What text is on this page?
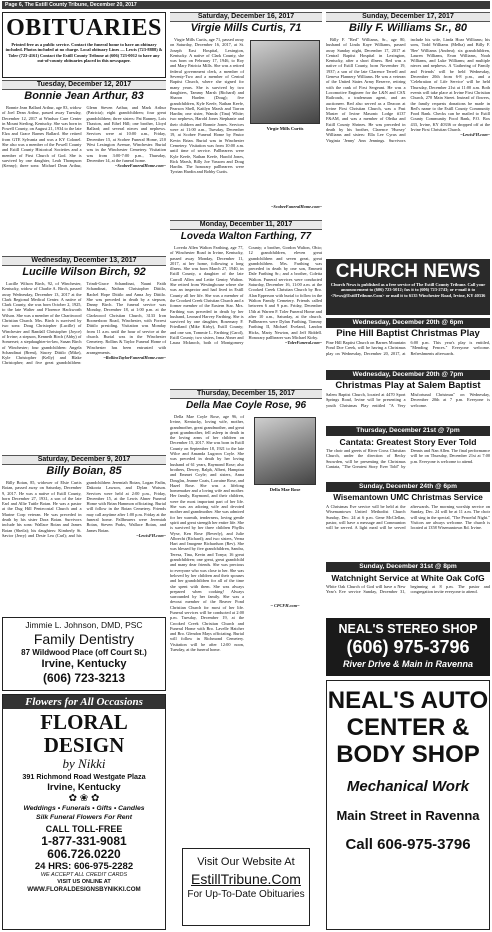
Page 6, The Estill County Tribune, December 20, 2017
OBITUARIES
Printed free as a public service. Contact the funeral home to have an obituary included. Photos included at no charge. Local obituary Lines — Lewis (723-8888) & Toler (723-4161) Contact the Estill County Tribune at (606) 723-0012 to have any out-of-county obituaries placed in this newspaper.
Tuesday, December 12, 2017
Bonnie Jean Arthur, 83

Bonnie Jean Ballard Arthur, age 83, widow of Joel Dean Arthur, passed away Tuesday, December 12, 2017 at Windsor Care Center in Mount Sterling, Kentucky. She was born in Powell County, on August 21, 1934 to the late Elza and Grace Barnes Ballard. She retired from GTE Sylvania and was a KY Colonel. She also was a member of the Powell County and Estill County Historical Societies and a member of First Church of God. She is survived by one daughter, Leah Thompson (Kenny); three sons: Michael Dean Arthur, Glenn Steven Arthur, and Mark Arthur (Patricia); eight grandchildren; four great grandchildren; three sisters: Pat Ranney, Lois Thaxton, and Ethel Hill; one brother, Lloyd Ballard; and several nieces and nephews. Services were at 10:00 a.m., Friday, December 15, at Scobee Funeral Home, 210 West Lexington Avenue, Winchester. Burial was in the Winchester Cemetery. Visitation was from 3:00-7:00 p.m., Thursday, December 14, at the funeral home.

~ScobeeFuneralHome.com~

Wednesday, December 13, 2017
Lucille Wilson Birch, 92

Lucille Wilson Birch, 92, of Winchester, Kentucky, widow of Charlie A. Birch, passed away Wednesday, December 13, 2017 at the Clark Regional Medical Center. A native of Clark County, she was born October 2, 1925, to the late Walter and Florence Hackworth Wilson. She was a member of the Charitwood Christian Church. Mrs. Birch is survived by two sons: Doug Christopher (Lucille) of Winchester and Randall Christopher (Joyce) of Irvine; a stepson, Kenneth Birch (Abby) of Somerset; a stepdaughter-in-law, Susan Birch of Winchester; four grandchildren: Angela Schandinat (Brent), Stacey Dittilo (Mike), Kyle Christopher (Kelly) and Blake Christopher; and five great grandchildren: Trindi-Grace Schandinat, Nauni Faith Schandinat, Nathan Christopher Dittilo, Rachel Hope Dittilo and Anna Joy Dittilo. She was preceded in death by a stepson, Danny Birch. The funeral service was Monday, December 18, at 1:00 p.m. at the Clarkwood Christian Church, 3133 Iron Boonesboro Road, Winchester, with Forrest Dittilo presiding. Visitation was Monday from 11 a.m. until the hour of service at the church. Burial was in the Winchester Cemetery. Rollins & Taylor Funeral Home of Winchester has been entrusted with arrangements.

~RollinsTaylorFuneralHome.com~

Saturday, December 9, 2017
Billy Boian, 85

Billy Boian, 85, widower of Elsie Curtis Boian, passed away on Saturday, December 9, 2017. He was a native of Estill County, born December 27, 1931, a son of the late Earl and Allie Tuttle Boian. He was a pastor at the Dug Hill Pentecostal Church and a Marine Corp veteran. He was preceded in death by his sister Dora Boian. Survivors include his sons: Wallace Boian and James Boian (Sheila); his daughters: Kimberly St. Savior (Jerry) and Desie Lea (Carl); and his grandchildren Jeremiah Boian, Logan Fadin, Dakoota Lawson, and Dylan Watson. Services were held at 2:00 p.m., Friday, December 15, at the Lewis Abner Funeral Home with Brian Hammon officiating. Burial will follow in the Boian Cemetery. Friends may call anytime after 1:00 p.m. Friday at the funeral home. Pallbearers were Jeremiah Boian, Steven Parks, Wallace Boian, and James Boian.

~LewisFH.com~

Jimmie L. Johnson, DMD, PSC
Family Dentistry
87 Wildwood Place (off Court St.)
Irvine, Kentucky
(606) 723-3213
Flowers for All Occasions
FLORAL DESIGN
by Nikki
391 Richmond Road Westgate Plaza
Irvine, Kentucky
✿ ❀ ✿
Weddings • Funerals • Gifts • Candles
Silk Funeral Flowers For Rent
CALL TOLL-FREE
1-877-331-9081
606.726.0220
24 HRS: 606-975-2282
WE ACCEPT ALL CREDIT CARDS
VISIT US ONLINE AT
WWW.FLORALDESIGNSBYNIKKI.COM
Saturday, December 16, 2017
Virgie Mills Curtis, 71

Virgie Mills Curtis, age 71, passed away on Saturday, December 16, 2017, at St. Joseph East Hospital, Lexington, Kentucky. A native of Clark County, she was born on February 17, 1946, to Roy and Mary Patricia Mills. She was a retired federal government clerk, a member of Seventy-Two and a member of Central Baptist Church, where she signed for many years. She is survived by two daughters, Tammy Marsh (Richard) and Sharon Harden (Doug); five grandchildren, Kyle Keefe, Nathan Keefe, Pearson Shell, Kaitlyn Marsh and Tarron Hardin; one sister, Wanda (Tina) White; two nephews, Harold Jones Stephanie and their children and Ronnie Jones. Services were at 11:00 a.m., Tuesday, December 19, at Scobee Funeral Home by Pastor Kevin Brian. Burial was in Winchester Cemetery. Visitation was from 10:00 a.m. until time of service. Pallbearers were Kyle Keefe, Nathan Keefe, Harold Jones, Rick Marsh, Billy Joe Vassom and Doug Hardin. The honorary pallbearers were Tyrrian Hardin and Bobby Curtis.

Virgie Mills Curtis
~ScobeeFuneralHome.com~
Monday, December 11, 2017
Loveda Walton Farthing, 77

Loveda Allen Walton Farthing, age 77, of Winchester Road in Irvine, Kentucky, passed away Monday, December 11, 2017, at her home, following a long illness. She was born March 27, 1940, in Estill County, a daughter of the late Carroll Allen and Lettie Gentry Walton. She retired from Westinghouse where she was an inspector and had lived in Estill County all her life. She was a member of the Crooked Creek Christian Church and a former member of the Eastern Star. Mrs. Farthing was preceded in death by her husband, Leonard Harvey Farthing. She is survived by one daughter, Rosemary F. Friedland (Mike Kirby), Estill County; and one son, Tommie L. Farthing (Carol), Estill County; two sisters, Irma Abner and Laura Mcknoch, both of Montgomery County; a brother, Gordon Walton, Ohio; 12 grandchildren, eleven great grandchildren and seven great, great grandchildren. Mrs. Farthing was preceded in death by one son, Emmett Dale Farthing Sr.; and a brother, Coletta Walton. Funeral services were conducted Saturday, December 16, 11:00 a.m. at the Crooked Creek Christian Church by Bro. Alan Epperson with burial to follow in the Walton Family Cemetery. Friends called between 6 and 9 p.m. Friday, December 15th at Warren F. Toler Funeral Home and after 10 a.m., Saturday, at the church. Pallbearers were Dylan Farthing, Tommy Farthing II, Michael Eveland, Landon Hicks, Marty Newton, and Jeff Riddell. Honorary pallbearer was Michael Kirby.

~TolerFuneral.com~

Thursday, December 15, 2017
Della Mae Coyle Rose, 96

Della Mae Coyle Rose, age 96, of Irvine, Kentucky, loving wife, mother, grandmother, great grandmother, and great great grandmother, fell asleep in death in the loving arms of her children on December 15, 2017. She was born in Estill County on September 18, 1921 to the late Wilce and Amanda Lugrron Coyle. She was preceded in death by her loving husband of 61 years, Raymond Rose; also brothers, Dewey, Ralph, Albert, Hampton and Emmet Coyle; and sisters, Anna Douglas, Jeanne Coats, Lorraine Rose, and Hazel Rose. She was a lifelong homemaker and a loving wife and mother. Her family, Raymond, and their children, were the most important part of her life. She was an adoring wife and devoted mother and grandmother. She was admired for her warmth, tenderness, loving gentle spirit and great strength her entire life. She is survived by her three children Phyllis Wyse, Ken Rose (Beverly), and Julie Albrecht (Richard); and two sisters, Verna Hart and Imogene Richardson (Rev). She was blessed by five grandchildren, Sandra, Teresa, Tina, Kevin and Tonya; 16 great grandchildren; one great, great grandchild and many dear friends. She was precious to everyone who was close to her. She was beloved by her children and their spouses and her grandchildren for all of the time she spent with them. She was always prepared when cooking! Always surrounded by her family. She was a devout member of the Beaver Pond Christian Church for most of her life. Funeral services will be conducted at 2:00 p.m. Tuesday, December 19, at the Crooked Creek Christian Church and Funeral Home with Bro. Lavelle Hatcher and Bro. Glendon Mays officiating. Burial will follow in Richmond Cemetery. Visitation will be after 12:00 noon, Tuesday, at the funeral home.

Della Mae Rose
~ CPCFH.com~
Visit Our Website At
EstillTribune.Com
For Up-To-Date Obituaries
Sunday, December 17, 2017
Billy F. Williams Sr., 80

Billy F. "Red" Williams, Sr., age 80, husband of Linda Kaye Williams, passed away Sunday night, December 17, 2017 at Central Baptist Hospital in Lexington, Kentucky, after a short illness. Red was a native of Estill County, born November 19, 1937; a son of the late Clarence Terrell and Geneva Flannery Williams. He was a veteran of the United States Army Reserve, retiring with the rank of First Sergeant. He was a Locomotive Engineer for the L&N and CSX Railroads, a tradesman agent, and an auctioneer. Red also served as a Deacon at Irvine First Christian Church, was a Past Master of Irvine Masonic Lodge #137 F&AM, and was a member of Oleika and Estill County Shrines. He was preceded in death by his brother, Clarence 'Hursey' Williams and sisters: Ella Lee Cyrus and Virginia 'Jenny' Ann Jennings. Survivors include his wife, Linda Hoar Williams; his sons, Todd Williams (Melba) and Billy F. 'Bee' Williams (Andrea); six grandchildren, Lauren Williams, Evan Williams, Noah Williams, and Luke Williams; and multiple nieces and nephews. A 'Gathering of Family and Friends' will be held Wednesday, December 20th from 6-8 p.m., and a 'Celebration of Life Service' will be held Thursday, December 21st at 11:00 a.m. Both events will take place at Irvine First Christian Church, 270 Main Street. Instead of flowers, the family requests donations be made in Red's name to the Estill County Community Food Bank. Checks can be mailed to Estill County Community Food Bank, P.O. Box 433, Irvine, KY 40336 or dropped off at the Irvine First Christian Church.

~LewisFH.com~

CHURCH NEWS
Church News is published as a free service of The Estill County Tribune. Call your announcement to (606) 723-5012; fax it to (606) 723-2743; or e-mail it to <News@EstillTribune.Com> or mail it to 6135 Winchester Road, Irvine, KY 40336
Wednesday, December 20th @ 6pm
Pine Hill Baptist Christmas Play
Pine Hill Baptist Church on Barnes Mountain Pond Doe Creek, will be having a Christmas play on Wednesday, December 20, 2017, at 6:00 p.m. This year's play is entitled, "Mending Fences." Everyone welcome. Refreshments afterwards.
Wednesday, December 20th @ 7pm
Christmas Play at Salem Baptist
Salem Baptist Church, located at 4470 Sport Springs Road, Irvine will be presenting a youth Christmas Play entitled "A Very Misfortunal Christmas" on Wednesday, December 20th at 7 p.m. Everyone is welcome.
Thursday, December 21st @ 7pm
Cantata: Greatest Story Ever Told
The choir and greets of River Cross Christian Church, under the direction of Becky Snowden, will be presenting the Christmas Cantata, "The Greatest Story Ever Told" by Dennis and Nan Allen. The final performance will be on Thursday, December 21st at 7:00 p.m. Everyone is welcome to attend.
Sunday, December 24th @ 6pm
Wisemantown UMC Christmas Service
A Christmas Eve service will be held at the Wisemantown United Methodist Church Sunday, Dec. 24 at 6 p.m. Gene McClellan, pastor, will have a message and Communion will be served. A light meal will be served afterwards. The morning worship service on Sunday, Dec. 24 will be at 11 a.m. The choir will sing in the special, "The Peaceful Night." Visitors are always welcome. The church is located at 1358 Wisemantown Rd. Irvine.
Sunday, December 31st @ 8pm
Watchnight Service at White Oak CofG
White Oak Church of God will have a New Year's Eve service Sunday, December 31, beginning at 8 p.m. The pastor and congregation invite everyone to attend.
NEAL'S STEREO SHOP
(606) 975-3796
River Drive & Main in Ravenna
NEAL'S AUTO
CENTER &
BODY SHOP
Mechanical Work
Main Street in Ravenna
Call 606-975-3796
